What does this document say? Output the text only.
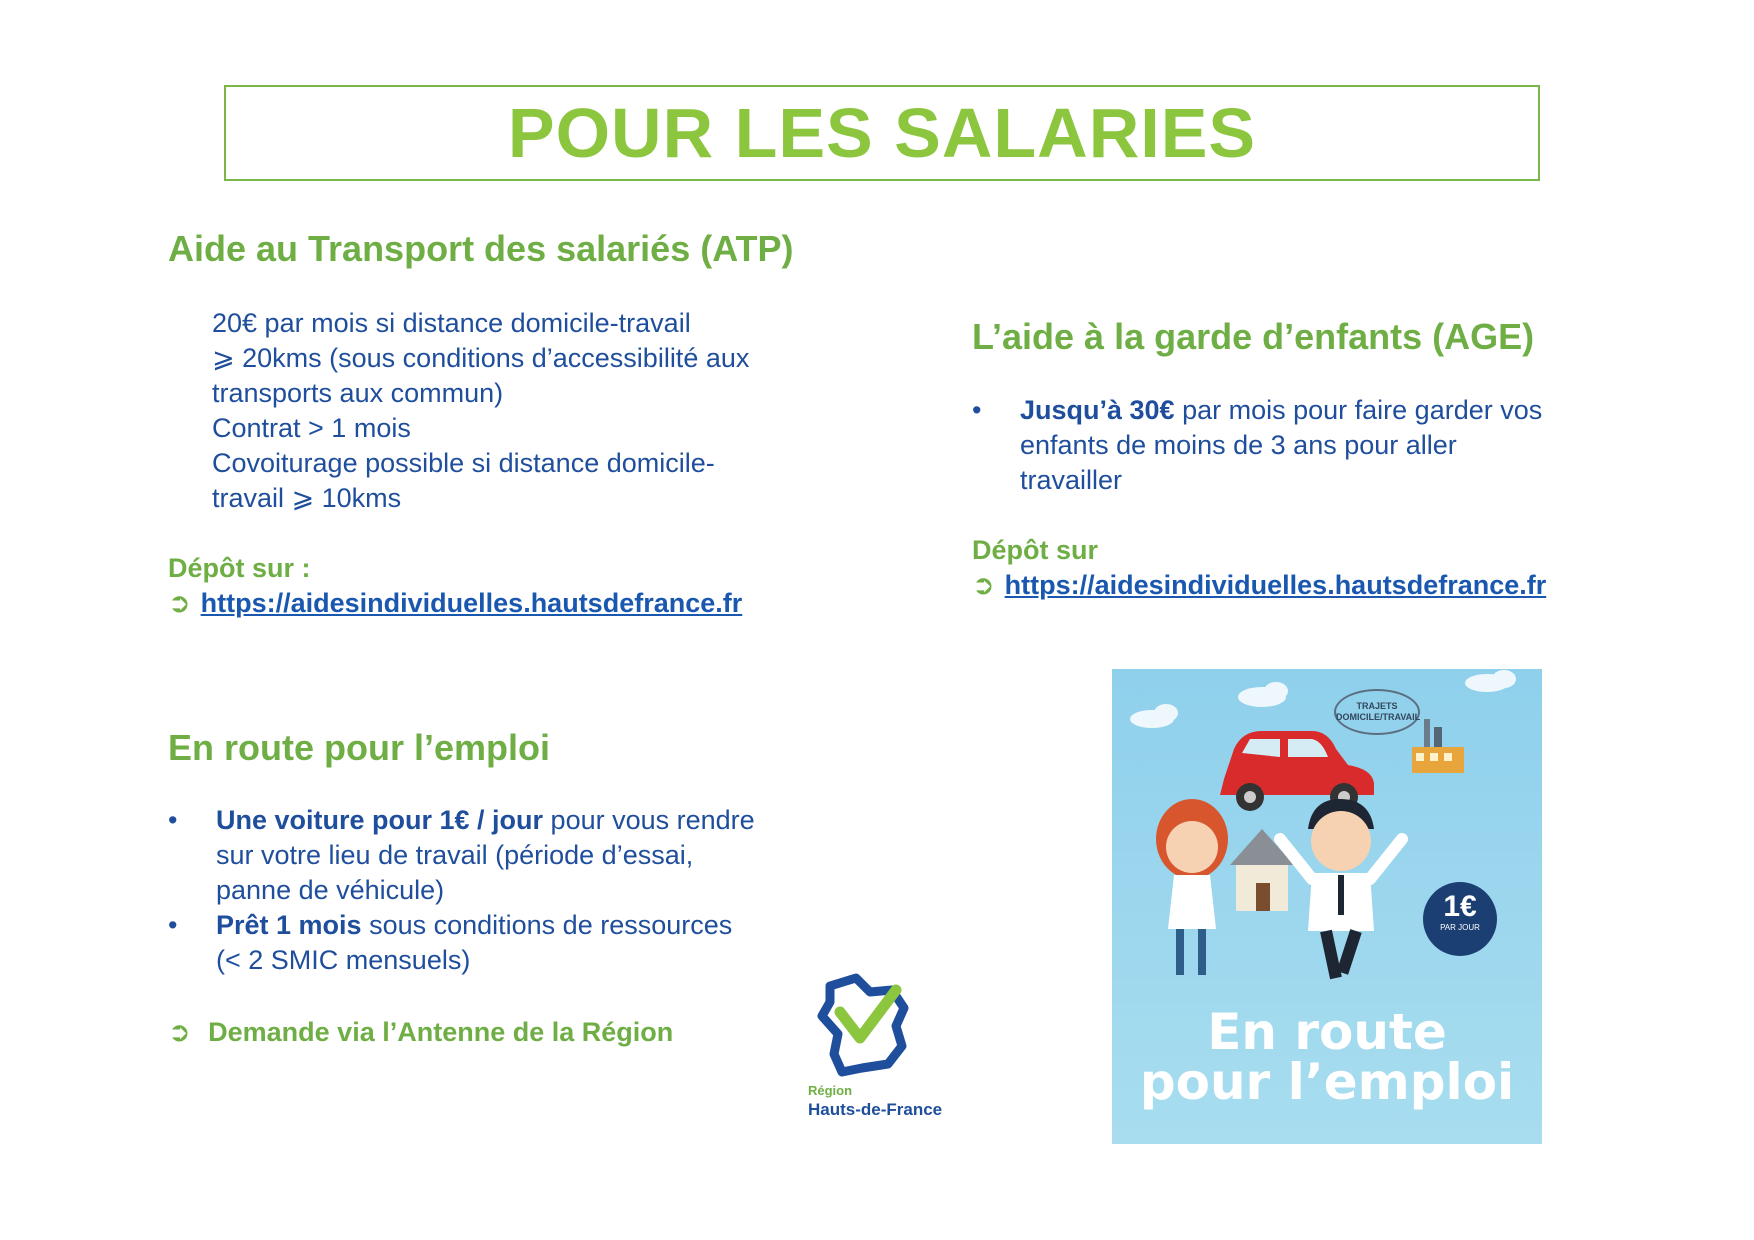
POUR LES SALARIES
Aide au Transport des salariés (ATP)

20€ par mois si distance domicile-travail

⩾ 20kms (sous conditions d’accessibilité aux

transports aux commun)

Contrat > 1 mois

Covoiturage possible si distance domicile-

travail ⩾ 10kms

Dépôt sur :
➲ https://aidesindividuelles.hautsdefrance.fr
L’aide à la garde d’enfants (AGE)
•	Jusqu’à 30€ par mois pour faire garder vos
enfants de moins de 3 ans pour aller
travailler
Dépôt sur
➲ https://aidesindividuelles.hautsdefrance.fr
En route pour l’emploi
•	Une voiture pour 1€ / jour pour vous rendre
sur votre lieu de travail (période d’essai,
panne de véhicule)
•	Prêt 1 mois sous conditions de ressources
(< 2 SMIC mensuels)
➲ Demande via l’Antenne de la Région
Région
Hauts-de-France
TRAJETS
DOMICILE/TRAVAIL
1€
PAR JOUR
En route
pour l’emploi
